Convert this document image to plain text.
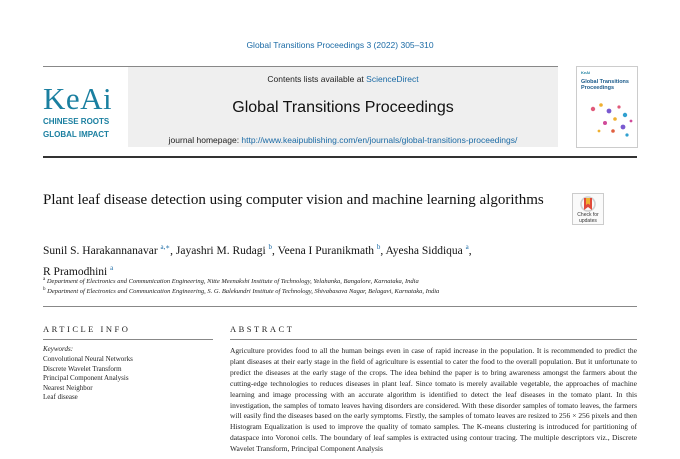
Global Transitions Proceedings 3 (2022) 305–310
KeAi
CHINESE ROOTS
GLOBAL IMPACT
Contents lists available at ScienceDirect
Global Transitions Proceedings
journal homepage: http://www.keaipublishing.com/en/journals/global-transitions-proceedings/
KeAi
Global Transitions
Proceedings
Plant leaf disease detection using computer vision and machine learning algorithms
Check for
updates
Sunil S. Harakannanavar $^{a,∗}$, Jayashri M. Rudagi $^b$, Veena I Puranikmath $^b$, Ayesha Siddiqua $^a$,
R Pramodhini $^a$
$^a$ Department of Electronics and Communication Engineering, Nitte Meenakshi Institute of Technology, Yelahanka, Bangalore, Karnataka, India
$^b$ Department of Electronics and Communication Engineering, S. G. Balekundri Institute of Technology, Shivabasava Nagar, Belagavi, Karnataka, India
ARTICLE INFO	ABSTRACT
Keywords:
Convolutional Neural Networks
Discrete Wavelet Transform
Principal Component Analysis
Nearest Neighbor
Leaf disease

Agriculture provides food to all the human beings even in case of rapid increase in the population. It is recommended to predict the plant diseases at their early stage in the field of agriculture is essential to cater the food to the overall population. But it unfortunate to predict the diseases at the early stage of the crops. The idea behind the paper is to bring awareness amongst the farmers about the cutting-edge technologies to reduces diseases in plant leaf. Since tomato is merely available vegetable, the approaches of machine learning and image processing with an accurate algorithm is identified to detect the leaf diseases in the tomato plant. In this investigation, the samples of tomato leaves having disorders are considered. With these disorder samples of tomato leaves, the farmers will easily find the diseases based on the early symptoms. Firstly, the samples of tomato leaves are resized to 256 × 256 pixels and then Histogram Equalization is used to improve the quality of tomato samples. The K-means clustering is introduced for partitioning of dataspace into Voronoi cells. The boundary of leaf samples is extracted using contour tracing. The multiple descriptors viz., Discrete Wavelet Transform, Principal Component Analysis
